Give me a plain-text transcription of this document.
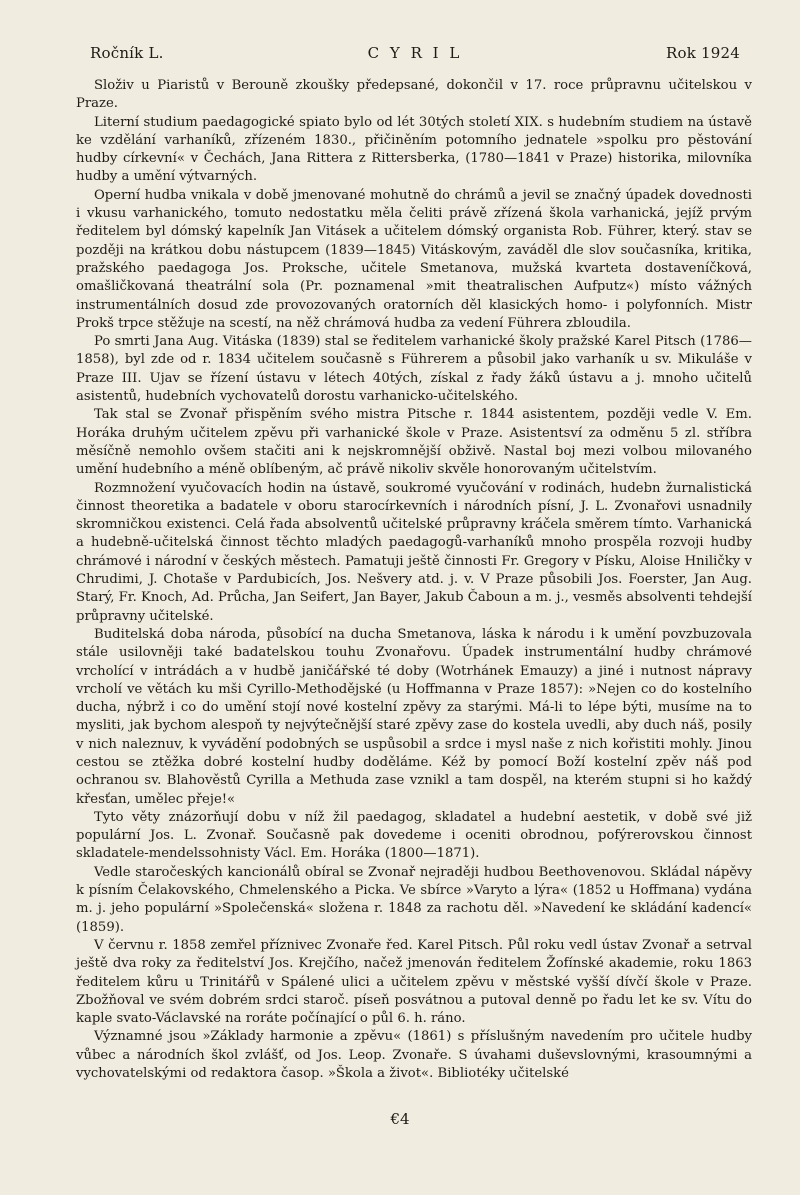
Ročník L.	C Y R I L	Rok 1924

Složiv u Piaristů v Berouně zkoušky předepsané, dokončil v 17. roce průpravnu učitelskou v Praze.

Literní studium paedagogické spiato bylo od lét 30tých století XIX. s hudebním studiem na ústavě ke vzdělání varhaníků, zřízeném 1830., přičiněním potomního jednatele »spolku pro pěstování hudby církevní« v Čechách, Jana Rittera z Rittersberka, (1780—1841 v Praze) historika, milovníka hudby a umění výtvarných.

Operní hudba vnikala v době jmenované mohutně do chrámů a jevil se značný úpadek dovednosti i vkusu varhanického, tomuto nedostatku měla čeliti právě zřízená škola varhanická, jejíž prvým ředitelem byl dómský kapelník Jan Vitásek a učitelem dómský organista Rob. Führer, který. stav se později na krátkou dobu nástupcem (1839—1845) Vitáskovým, zaváděl dle slov současníka, kritika, pražského paedagoga Jos. Proksche, učitele Smetanova, mužská kvarteta dostaveníčková, omašličkovaná theatrální sola (Pr. poznamenal »mit theatralischen Aufputz«) místo vážných instrumentálních dosud zde provozovaných oratorních děl klasických homo- i polyfonních. Mistr Prokš trpce stěžuje na scestí, na něž chrámová hudba za vedení Führera zbloudila.

Po smrti Jana Aug. Vitáska (1839) stal se ředitelem varhanické školy pražské Karel Pitsch (1786—1858), byl zde od r. 1834 učitelem současně s Führerem a působil jako varhaník u sv. Mikuláše v Praze III. Ujav se řízení ústavu v létech 40tých, získal z řady žáků ústavu a j. mnoho učitelů asistentů, hudebních vychovatelů dorostu varhanicko-učitelského.

Tak stal se Zvonař přispěním svého mistra Pitsche r. 1844 asistentem, později vedle V. Em. Horáka druhým učitelem zpěvu při varhanické škole v Praze. Asistentsví za odměnu 5 zl. stříbra měsíčně nemohlo ovšem stačiti ani k nejskromnější obživě. Nastal boj mezi volbou milovaného umění hudebního a méně oblíbeným, ač právě nikoliv skvěle honorovaným učitelstvím.

Rozmnožení vyučovacích hodin na ústavě, soukromé vyučování v rodinách, hudebn žurnalistická činnost theoretika a badatele v oboru starocírkevních i národních písní, J. L. Zvonařovi usnadnily skromničkou existenci. Celá řada absolventů učitelské průpravny kráčela směrem tímto. Varhanická a hudebně-učitelská činnost těchto mladých paedagogů-varhaníků mnoho prospěla rozvoji hudby chrámové i národní v českých městech. Pamatuji ještě činnosti Fr. Gregory v Písku, Aloise Hniličky v Chrudimi, J. Chotaše v Pardubicích, Jos. Nešvery atd. j. v. V Praze působili Jos. Foerster, Jan Aug. Starý, Fr. Knoch, Ad. Průcha, Jan Seifert, Jan Bayer, Jakub Čaboun a m. j., vesměs absolventi tehdejší průpravny učitelské.

Buditelská doba národa, působící na ducha Smetanova, láska k národu i k umění povzbuzovala stále usilovněji také badatelskou touhu Zvonařovu. Úpadek instrumentální hudby chrámové vrcholící v intrádách a v hudbě janičářské té doby (Wotrhánek Emauzy) a jiné i nutnost nápravy vrcholí ve větách ku mši Cyrillo-Methodějské (u Hoffmanna v Praze 1857): »Nejen co do kostelního ducha, nýbrž i co do umění stojí nové kostelní zpěvy za starými. Má-li to lépe býti, musíme na to mysliti, jak bychom alespoň ty nejvýtečnější staré zpěvy zase do kostela uvedli, aby duch náš, posily v nich naleznuv, k vyvádění podobných se uspůsobil a srdce i mysl naše z nich kořistiti mohly. Jinou cestou se ztěžka dobré kostelní hudby doděláme. Kéž by pomocí Boží kostelní zpěv náš pod ochranou sv. Blahověstů Cyrilla a Methuda zase vznikl a tam dospěl, na kterém stupni si ho každý křesťan, umělec přeje!«

Tyto věty znázorňují dobu v níž žil paedagog, skladatel a hudební aestetik, v době své již populární Jos. L. Zvonař. Současně pak dovedeme i oceniti obrodnou, pofýrerovskou činnost skladatele-mendelssohnisty Václ. Em. Horáka (1800—1871).

Vedle staročeských kancionálů obíral se Zvonař nejraději hudbou Beethovenovou. Skládal nápěvy k písním Čelakovského, Chmelenského a Picka. Ve sbírce »Varyto a lýra« (1852 u Hoffmana) vydána m. j. jeho populární »Společenská« složena r. 1848 za rachotu děl. »Navedení ke skládání kadencí« (1859).

V červnu r. 1858 zemřel příznivec Zvonaře řed. Karel Pitsch. Půl roku vedl ústav Zvonař a setrval ještě dva roky za ředitelství Jos. Krejčího, načež jmenován ředitelem Žofínské akademie, roku 1863 ředitelem kůru u Trinitářů v Spálené ulici a učitelem zpěvu v městské vyšší dívčí škole v Praze. Zbožňoval ve svém dobrém srdci staroč. píseň posvátnou a putoval denně po řadu let ke sv. Vítu do kaple svato-Václavské na roráte počínající o půl 6. h. ráno.

Významné jsou »Základy harmonie a zpěvu« (1861) s příslušným navedením pro učitele hudby vůbec a národních škol zvlášť, od Jos. Leop. Zvonaře. S úvahami duševslovnými, krasoumnými a vychovatelskými od redaktora časop. »Škola a život«. Bibliotéky učitelské

€4
